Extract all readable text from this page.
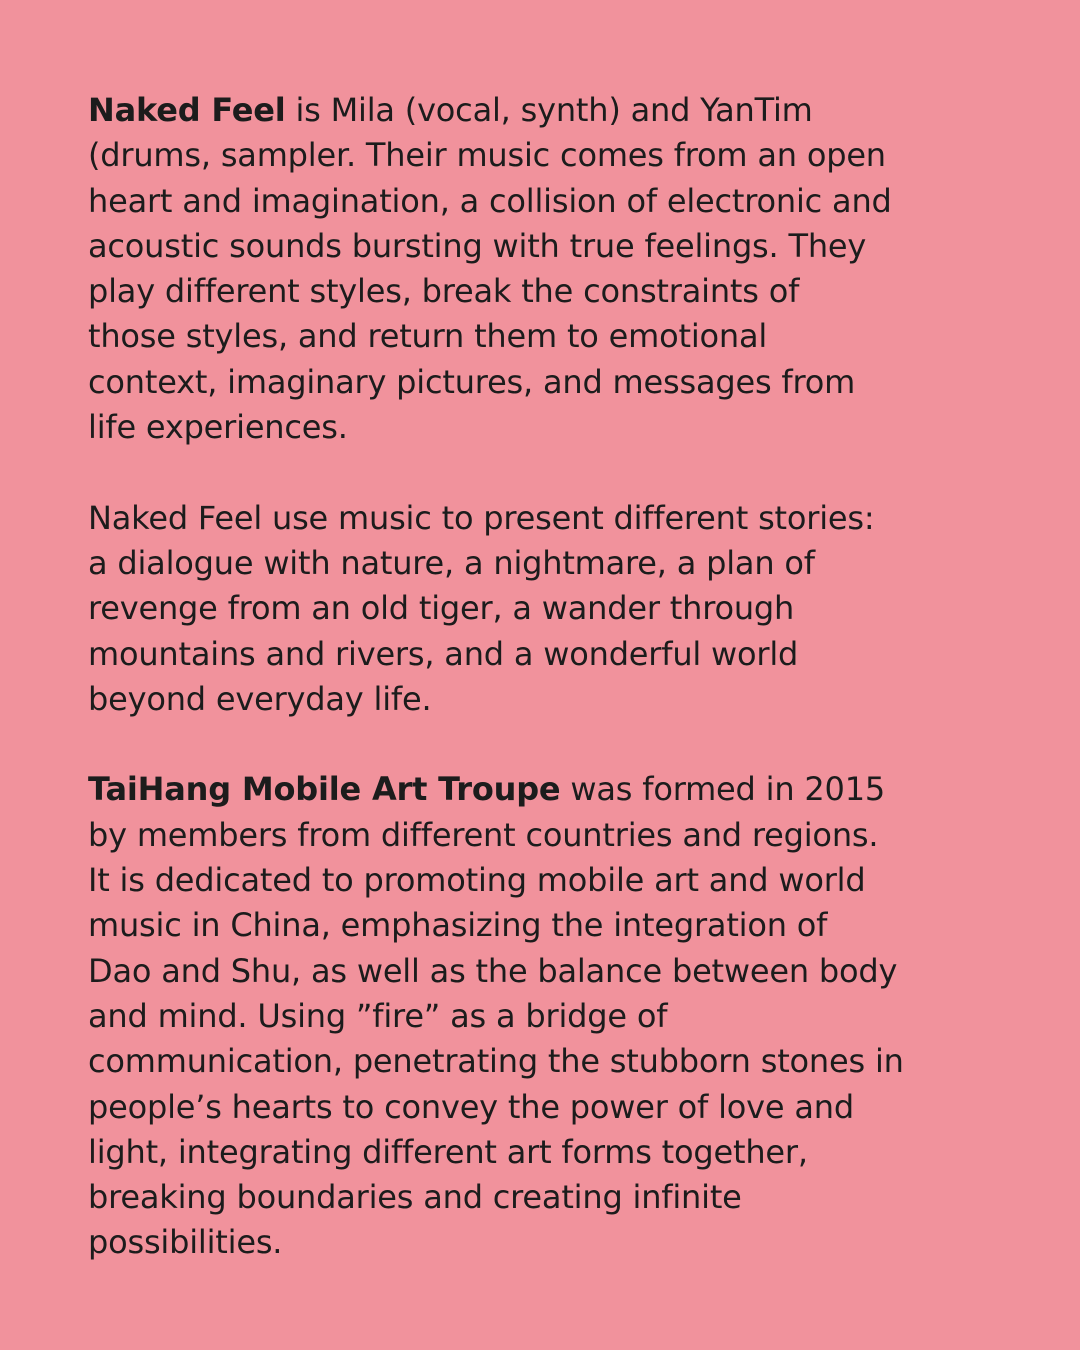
Naked Feel is Mila (vocal, synth) and YanTim
(drums, sampler. Their music comes from an open
heart and imagination, a collision of electronic and
acoustic sounds bursting with true feelings. They
play different styles, break the constraints of
those styles, and return them to emotional
context, imaginary pictures, and messages from
life experiences.
Naked Feel use music to present different stories:
a dialogue with nature, a nightmare, a plan of
revenge from an old tiger, a wander through
mountains and rivers, and a wonderful world
beyond everyday life.
TaiHang Mobile Art Troupe was formed in 2015
by members from different countries and regions.
It is dedicated to promoting mobile art and world
music in China, emphasizing the integration of
Dao and Shu, as well as the balance between body
and mind. Using ”fire” as a bridge of
communication, penetrating the stubborn stones in
people’s hearts to convey the power of love and
light, integrating different art forms together,
breaking boundaries and creating infinite
possibilities.
